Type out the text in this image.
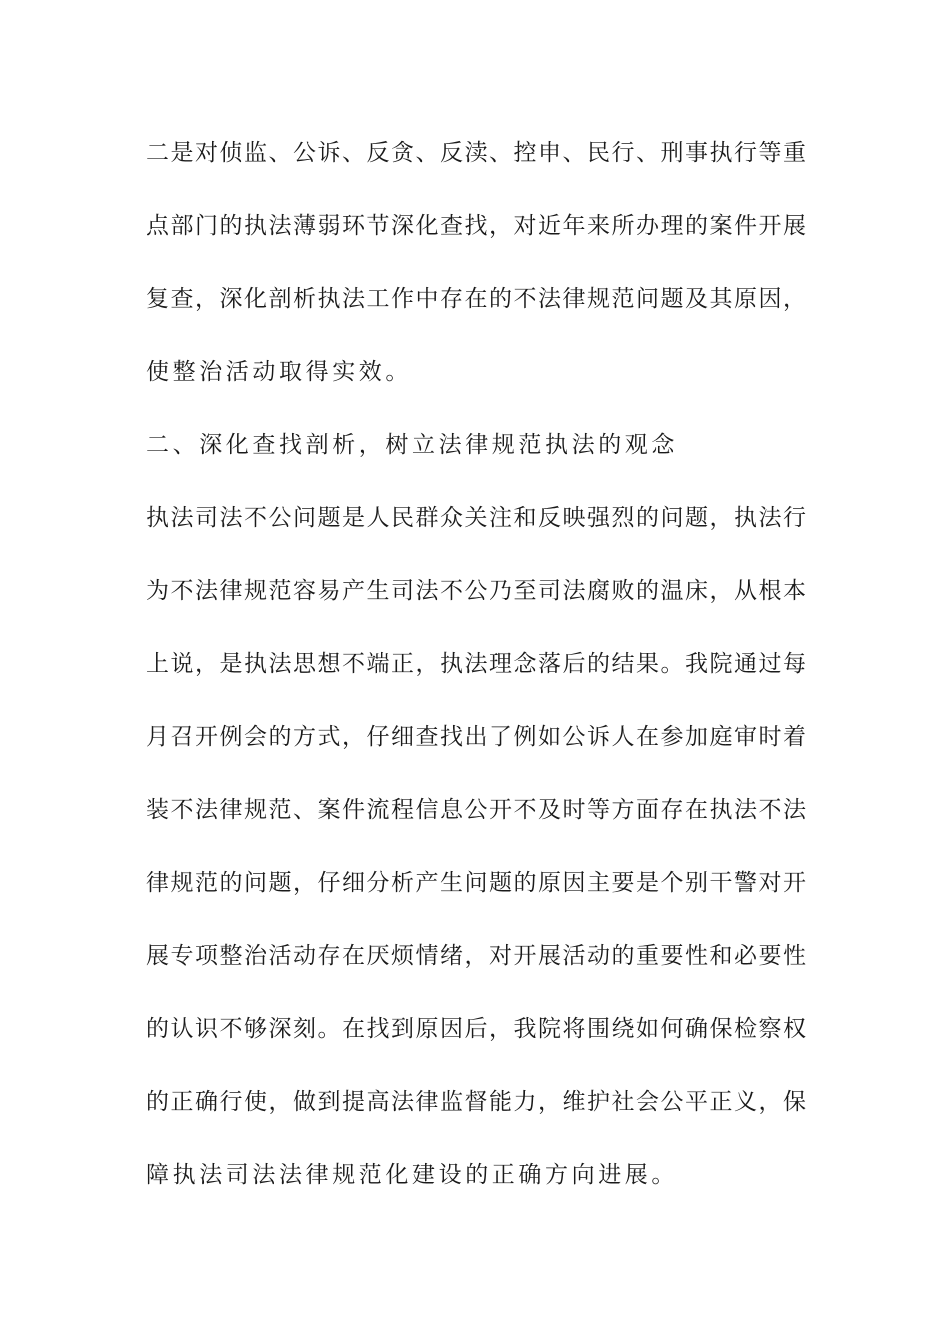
二是对侦监、公诉、反贪、反渎、控申、民行、刑事执行等重
点部门的执法薄弱环节深化查找，对近年来所办理的案件开展
复查，深化剖析执法工作中存在的不法律规范问题及其原因，
使整治活动取得实效。
二、深化查找剖析，树立法律规范执法的观念
执法司法不公问题是人民群众关注和反映强烈的问题，执法行
为不法律规范容易产生司法不公乃至司法腐败的温床，从根本
上说，是执法思想不端正，执法理念落后的结果。我院通过每
月召开例会的方式，仔细查找出了例如公诉人在参加庭审时着
装不法律规范、案件流程信息公开不及时等方面存在执法不法
律规范的问题，仔细分析产生问题的原因主要是个别干警对开
展专项整治活动存在厌烦情绪，对开展活动的重要性和必要性
的认识不够深刻。在找到原因后，我院将围绕如何确保检察权
的正确行使，做到提高法律监督能力，维护社会公平正义，保
障执法司法法律规范化建设的正确方向进展。
